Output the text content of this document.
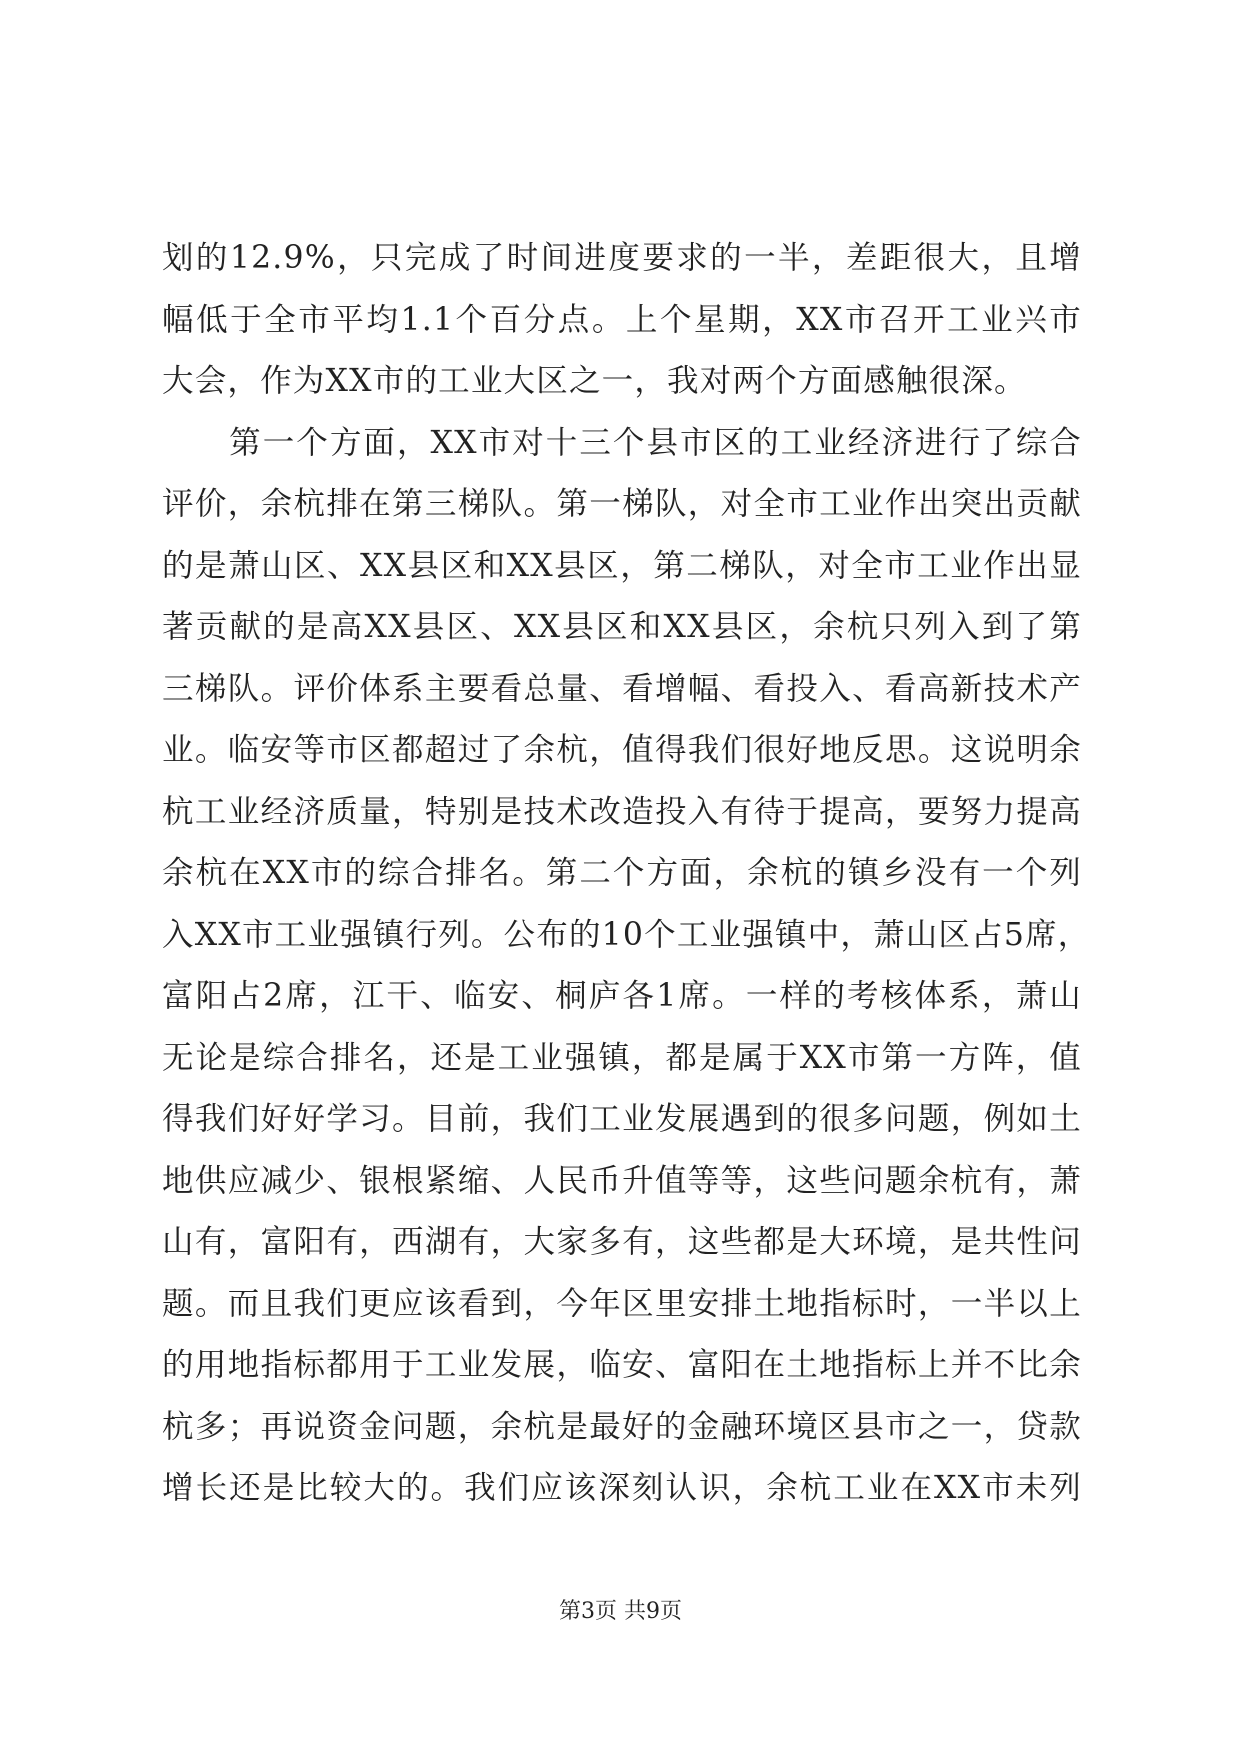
划的12.9%，只完成了时间进度要求的一半，差距很大，且增
幅低于全市平均1.1个百分点。上个星期，XX市召开工业兴市
大会，作为XX市的工业大区之一，我对两个方面感触很深。
　　第一个方面，XX市对十三个县市区的工业经济进行了综合
评价，余杭排在第三梯队。第一梯队，对全市工业作出突出贡献
的是萧山区、XX县区和XX县区，第二梯队，对全市工业作出显
著贡献的是高XX县区、XX县区和XX县区，余杭只列入到了第
三梯队。评价体系主要看总量、看增幅、看投入、看高新技术产
业。临安等市区都超过了余杭，值得我们很好地反思。这说明余
杭工业经济质量，特别是技术改造投入有待于提高，要努力提高
余杭在XX市的综合排名。第二个方面，余杭的镇乡没有一个列
入XX市工业强镇行列。公布的10个工业强镇中，萧山区占5席，
富阳占2席，江干、临安、桐庐各1席。一样的考核体系，萧山
无论是综合排名，还是工业强镇，都是属于XX市第一方阵，值
得我们好好学习。目前，我们工业发展遇到的很多问题，例如土
地供应减少、银根紧缩、人民币升值等等，这些问题余杭有，萧
山有，富阳有，西湖有，大家多有，这些都是大环境，是共性问
题。而且我们更应该看到，今年区里安排土地指标时，一半以上
的用地指标都用于工业发展，临安、富阳在土地指标上并不比余
杭多；再说资金问题，余杭是最好的金融环境区县市之一，贷款
增长还是比较大的。我们应该深刻认识，余杭工业在XX市未列
第3页 共9页
